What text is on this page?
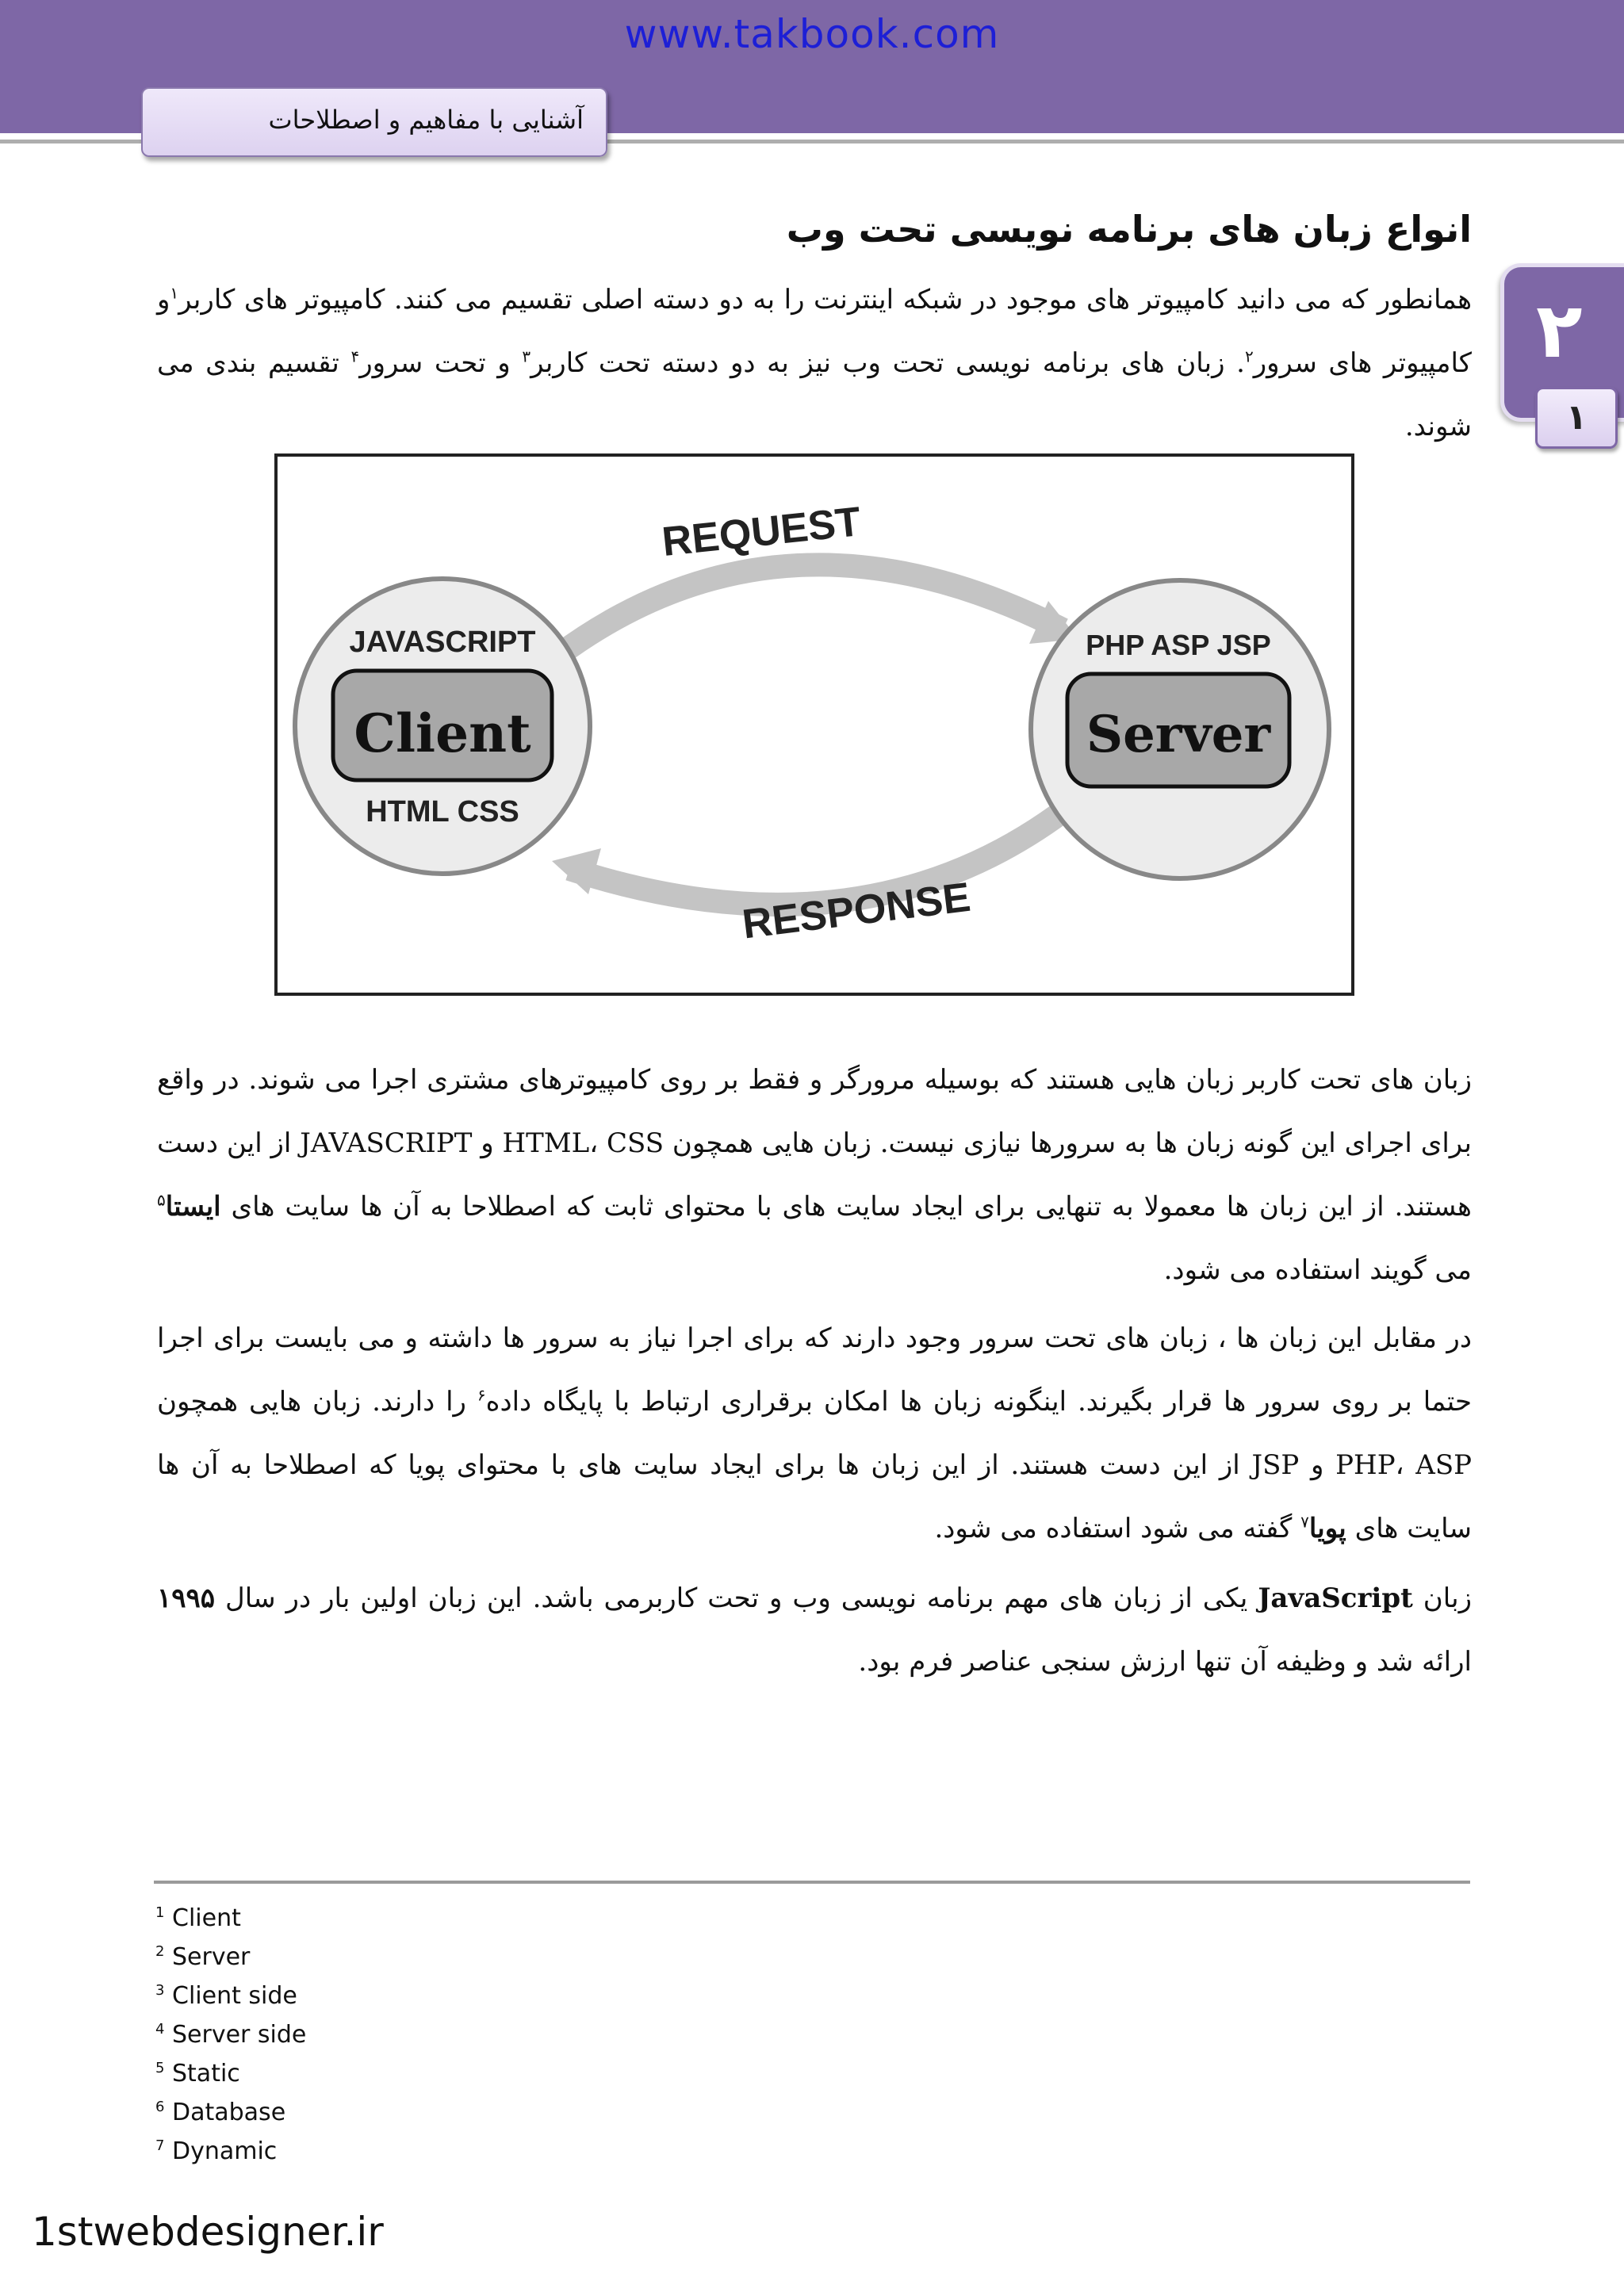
www.takbook.com
آشنایی با مفاهیم و اصطلاحات
۲
۱
انواع زبان های برنامه نویسی تحت وب
همانطور که می دانید کامپیوتر های موجود در شبکه اینترنت را به دو دسته اصلی تقسیم می کنند. کامپیوتر های کاربر$^۱$و کامپیوتر های سرور$^۲$. زبان های برنامه نویسی تحت وب نیز به دو دسته تحت کاربر$^۳$ و تحت سرور$^۴$ تقسیم بندی می شوند.
Client
JAVASCRIPT
HTML CSS
Server
PHP ASP JSP
REQUEST
RESPONSE
زبان های تحت کاربر زبان هایی هستند که بوسیله مرورگر و فقط بر روی کامپیوترهای مشتری اجرا می شوند. در واقع برای اجرای این گونه زبان ها به سرورها نیازی نیست. زبان هایی همچون HTML، CSS و JAVASCRIPT از این دست هستند. از این زبان ها معمولا به تنهایی برای ایجاد سایت های با محتوای ثابت که اصطلاحا به آن ها سایت های ایستا$^۵$ می گویند استفاده می شود.
در مقابل این زبان ها ، زبان های تحت سرور وجود دارند که برای اجرا نیاز به سرور ها داشته و می بایست برای اجرا حتما بر روی سرور ها قرار بگیرند. اینگونه زبان ها امکان برقراری ارتباط با پایگاه داده$^۶$ را دارند. زبان هایی همچون PHP، ASP و JSP از این دست هستند. از این زبان ها برای ایجاد سایت های با محتوای پویا که اصطلاحا به آن ها سایت های پویا$^۷$ گفته می شود استفاده می شود.
زبان JavaScript یکی از زبان های مهم برنامه نویسی وب و تحت کاربرمی باشد. این زبان اولین بار در سال ۱۹۹۵ ارائه شد و وظیفه آن تنها ارزش سنجی عناصر فرم بود.
$^1$ Client
$^2$ Server
$^3$ Client side
$^4$ Server side
$^5$ Static
$^6$ Database
$^7$ Dynamic
1stwebdesigner.ir
